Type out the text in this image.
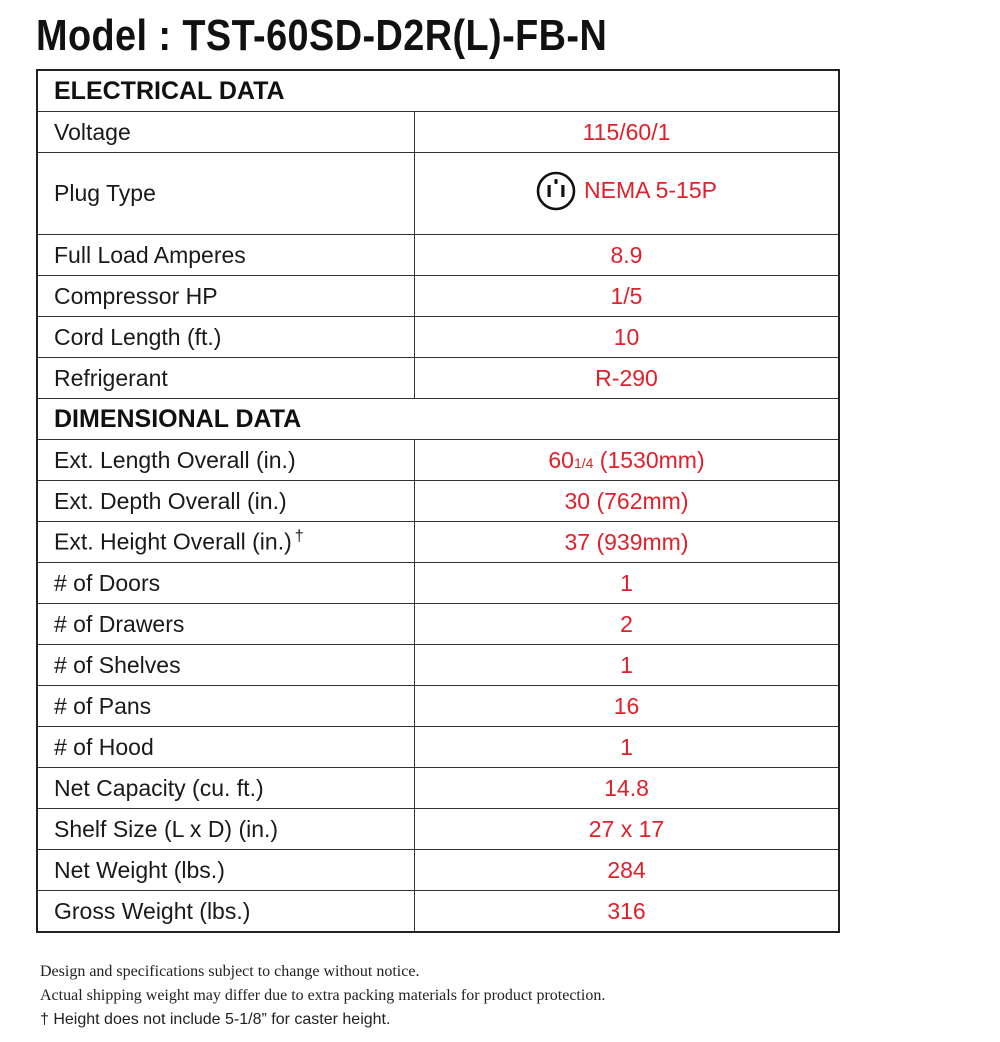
Model : TST-60SD-D2R(L)-FB-N
ELECTRICAL DATA	
Voltage	115/60/1
Plug Type	NEMA 5-15P

Full Load Amperes	8.9
Compressor HP	1/5
Cord Length (ft.)	10
Refrigerant	R-290
DIMENSIONAL DATA	
Ext. Length Overall (in.)	601/4 (1530mm)
Ext. Depth Overall (in.)	30 (762mm)
Ext. Height Overall (in.) †	37 (939mm)
# of Doors	1
# of Drawers	2
# of Shelves	1
# of Pans	16
# of Hood	1
Net Capacity (cu. ft.)	14.8
Shelf Size (L x D) (in.)	27 x 17
Net Weight (lbs.)	284
Gross Weight (lbs.)	316
Design and specifications subject to change without notice.
Actual shipping weight may differ due to extra packing materials for product protection.
† Height does not include 5-1/8” for caster height.
